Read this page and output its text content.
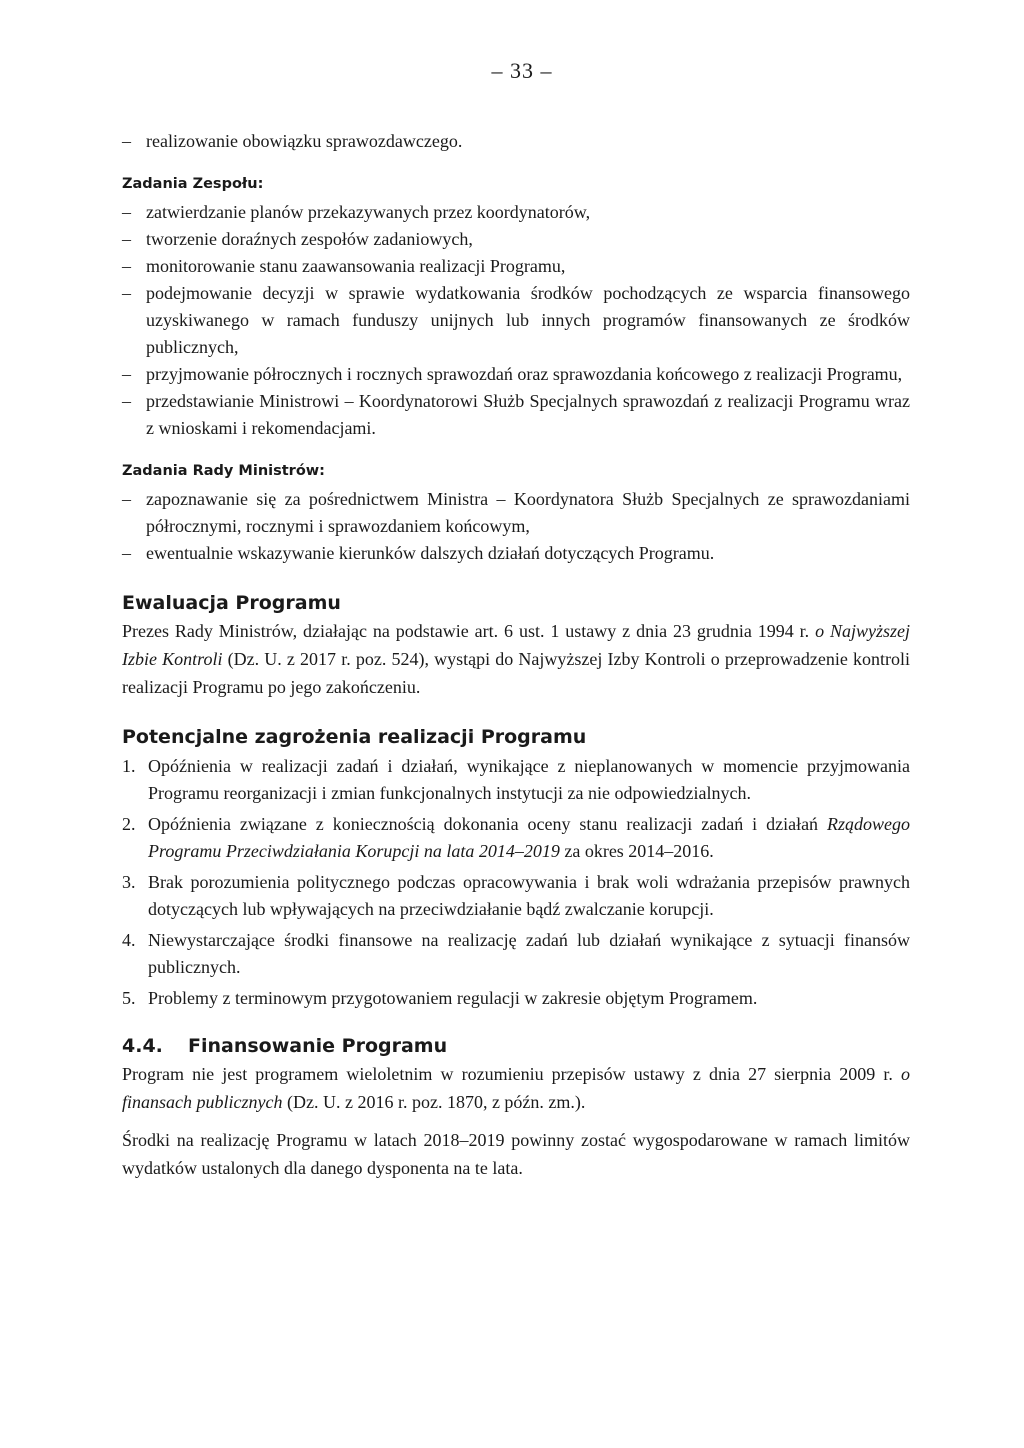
– 33 –
– realizowanie obowiązku sprawozdawczego.
Zadania Zespołu:
– zatwierdzanie planów przekazywanych przez koordynatorów,
– tworzenie doraźnych zespołów zadaniowych,
– monitorowanie stanu zaawansowania realizacji Programu,
– podejmowanie decyzji w sprawie wydatkowania środków pochodzących ze wsparcia finansowego uzyskiwanego w ramach funduszy unijnych lub innych programów finansowanych ze środków publicznych,
– przyjmowanie półrocznych i rocznych sprawozdań oraz sprawozdania końcowego z realizacji Programu,
– przedstawianie Ministrowi – Koordynatorowi Służb Specjalnych sprawozdań z realizacji Programu wraz z wnioskami i rekomendacjami.
Zadania Rady Ministrów:
– zapoznawanie się za pośrednictwem Ministra – Koordynatora Służb Specjalnych ze sprawozdaniami półrocznymi, rocznymi i sprawozdaniem końcowym,
– ewentualnie wskazywanie kierunków dalszych działań dotyczących Programu.
Ewaluacja Programu

Prezes Rady Ministrów, działając na podstawie art. 6 ust. 1 ustawy z dnia 23 grudnia 1994 r. o Najwyższej Izbie Kontroli (Dz. U. z 2017 r. poz. 524), wystąpi do Najwyższej Izby Kontroli o przeprowadzenie kontroli realizacji Programu po jego zakończeniu.

Potencjalne zagrożenia realizacji Programu
1. Opóźnienia w realizacji zadań i działań, wynikające z nieplanowanych w momencie przyjmowania Programu reorganizacji i zmian funkcjonalnych instytucji za nie odpowiedzialnych.
2. Opóźnienia związane z koniecznością dokonania oceny stanu realizacji zadań i działań Rządowego Programu Przeciwdziałania Korupcji na lata 2014–2019 za okres 2014–2016.
3. Brak porozumienia politycznego podczas opracowywania i brak woli wdrażania przepisów prawnych dotyczących lub wpływających na przeciwdziałanie bądź zwalczanie korupcji.
4. Niewystarczające środki finansowe na realizację zadań lub działań wynikające z sytuacji finansów publicznych.
5. Problemy z terminowym przygotowaniem regulacji w zakresie objętym Programem.
4.4. Finansowanie Programu

Program nie jest programem wieloletnim w rozumieniu przepisów ustawy z dnia 27 sierpnia 2009 r. o finansach publicznych (Dz. U. z 2016 r. poz. 1870, z późn. zm.).

Środki na realizację Programu w latach 2018–2019 powinny zostać wygospodarowane w ramach limitów wydatków ustalonych dla danego dysponenta na te lata.
